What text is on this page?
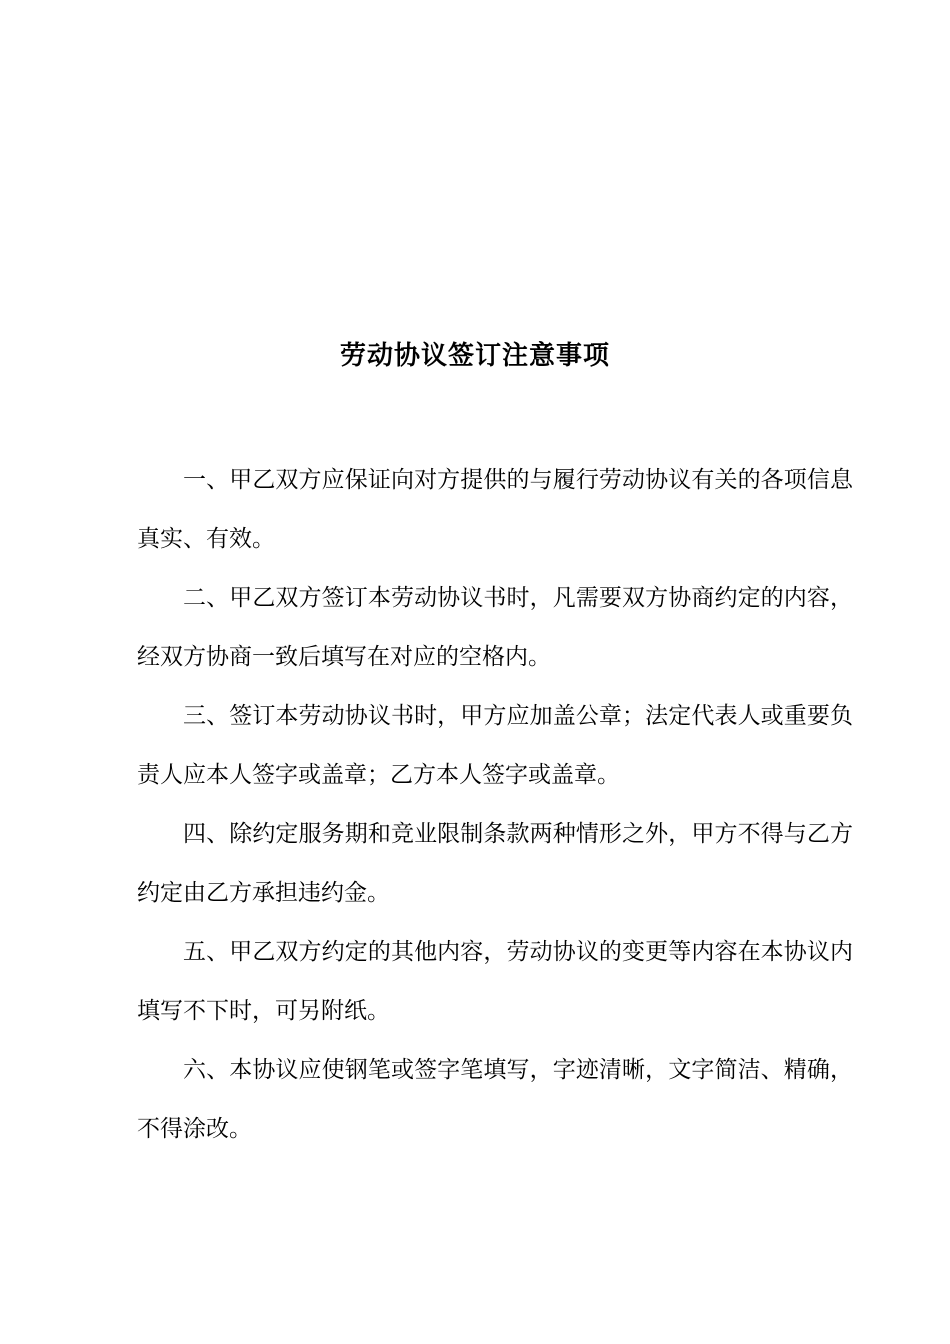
劳动协议签订注意事项

一、甲乙双方应保证向对方提供的与履行劳动协议有关的各项信息真实、有效。

二、甲乙双方签订本劳动协议书时，凡需要双方协商约定的内容，经双方协商一致后填写在对应的空格内。

三、签订本劳动协议书时，甲方应加盖公章；法定代表人或重要负责人应本人签字或盖章；乙方本人签字或盖章。

四、除约定服务期和竞业限制条款两种情形之外，甲方不得与乙方约定由乙方承担违约金。

五、甲乙双方约定的其他内容，劳动协议的变更等内容在本协议内填写不下时，可另附纸。

六、本协议应使钢笔或签字笔填写，字迹清晰，文字简洁、精确，不得涂改。
